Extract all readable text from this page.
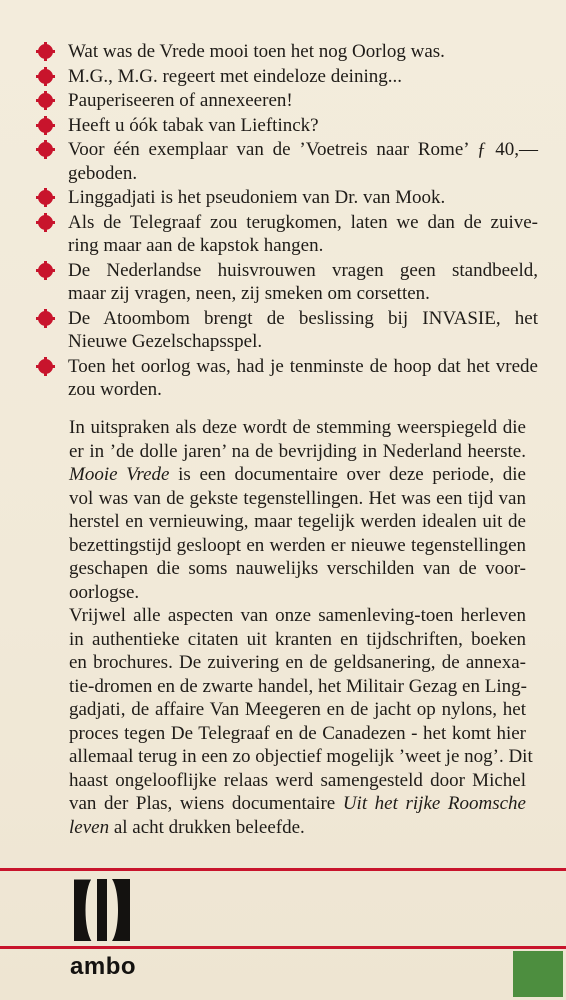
Wat was de Vrede mooi toen het nog Oorlog was.
M.G., M.G. regeert met eindeloze deining...
Pauperiseeren of annexeeren!
Heeft u óók tabak van Lieftinck?
Voor één exemplaar van de ’Voetreis naar Rome’ ƒ 40,—
geboden.
Linggadjati is het pseudoniem van Dr. van Mook.
Als de Telegraaf zou terugkomen, laten we dan de zuive-
ring maar aan de kapstok hangen.
De Nederlandse huisvrouwen vragen geen standbeeld,
maar zij vragen, neen, zij smeken om corsetten.
De Atoombom brengt de beslissing bij INVASIE, het
Nieuwe Gezelschapsspel.
Toen het oorlog was, had je tenminste de hoop dat het vrede
zou worden.

In uitspraken als deze wordt de stemming weerspiegeld die
er in ’de dolle jaren’ na de bevrijding in Nederland heerste.
Mooie Vrede is een documentaire over deze periode, die
vol was van de gekste tegenstellingen. Het was een tijd van
herstel en vernieuwing, maar tegelijk werden idealen uit de
bezettingstijd gesloopt en werden er nieuwe tegenstellingen
geschapen die soms nauwelijks verschilden van de voor-
oorlogse.

Vrijwel alle aspecten van onze samenleving-toen herleven
in authentieke citaten uit kranten en tijdschriften, boeken
en brochures. De zuivering en de geldsanering, de annexa-
tie-dromen en de zwarte handel, het Militair Gezag en Ling-
gadjati, de affaire Van Meegeren en de jacht op nylons, het
proces tegen De Telegraaf en de Canadezen - het komt hier
allemaal terug in een zo objectief mogelijk ’weet je nog’. Dit
haast ongelooflijke relaas werd samengesteld door Michel
van der Plas, wiens documentaire Uit het rijke Roomsche
leven al acht drukken beleefde.

ambo
